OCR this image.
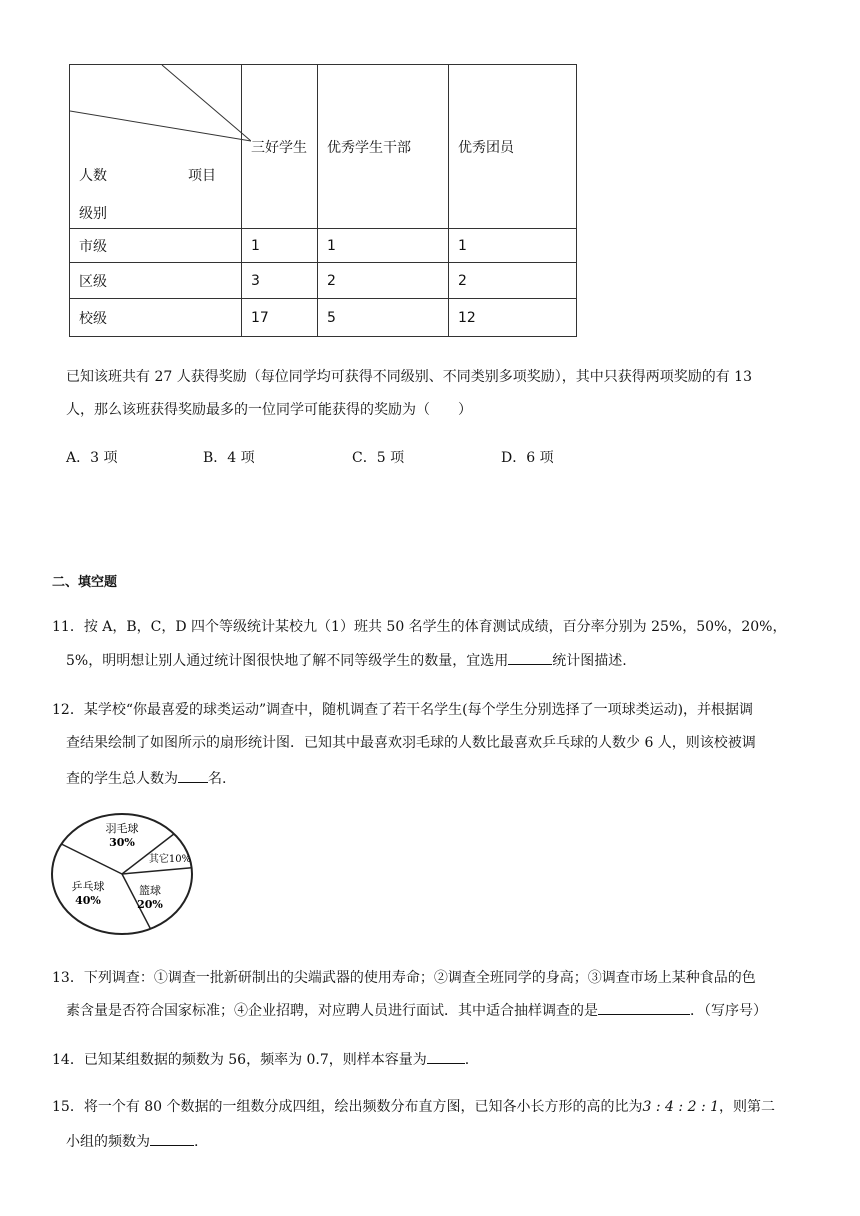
项目
人数
级别	三好学生	优秀学生干部	优秀团员
市级	1	1	1
区级	3	2	2
校级	17	5	12
已知该班共有 27 人获得奖励（每位同学均可获得不同级别、不同类别多项奖励），其中只获得两项奖励的有 13
人，那么该班获得奖励最多的一位同学可能获得的奖励为（　　）
A．3 项	B．4 项	C．5 项	D．6 项
二、填空题
11．按 A，B，C，D 四个等级统计某校九（1）班共 50 名学生的体育测试成绩，百分率分别为 25%，50%，20%，
5%，明明想让别人通过统计图很快地了解不同等级学生的数量，宜选用	统计图描述.
12．某学校“你最喜爱的球类运动”调查中，随机调查了若干名学生(每个学生分别选择了一项球类运动)，并根据调
查结果绘制了如图所示的扇形统计图．已知其中最喜欢羽毛球的人数比最喜欢乒乓球的人数少 6 人，则该校被调
查的学生总人数为 名.
30%
羽毛球
其它10%
20%
篮球
40%
乒乓球
13．下列调查：①调查一批新研制出的尖端武器的使用寿命；②调查全班同学的身高；③调查市场上某种食品的色
素含量是否符合国家标准；④企业招聘，对应聘人员进行面试．其中适合抽样调查的是	．（写序号）
14．已知某组数据的频数为 56，频率为 0.7，则样本容量为	.
15．将一个有 80 个数据的一组数分成四组，绘出频数分布直方图，已知各小长方形的高的比为3 : 4 : 2 : 1，则第二
小组的频数为	.
